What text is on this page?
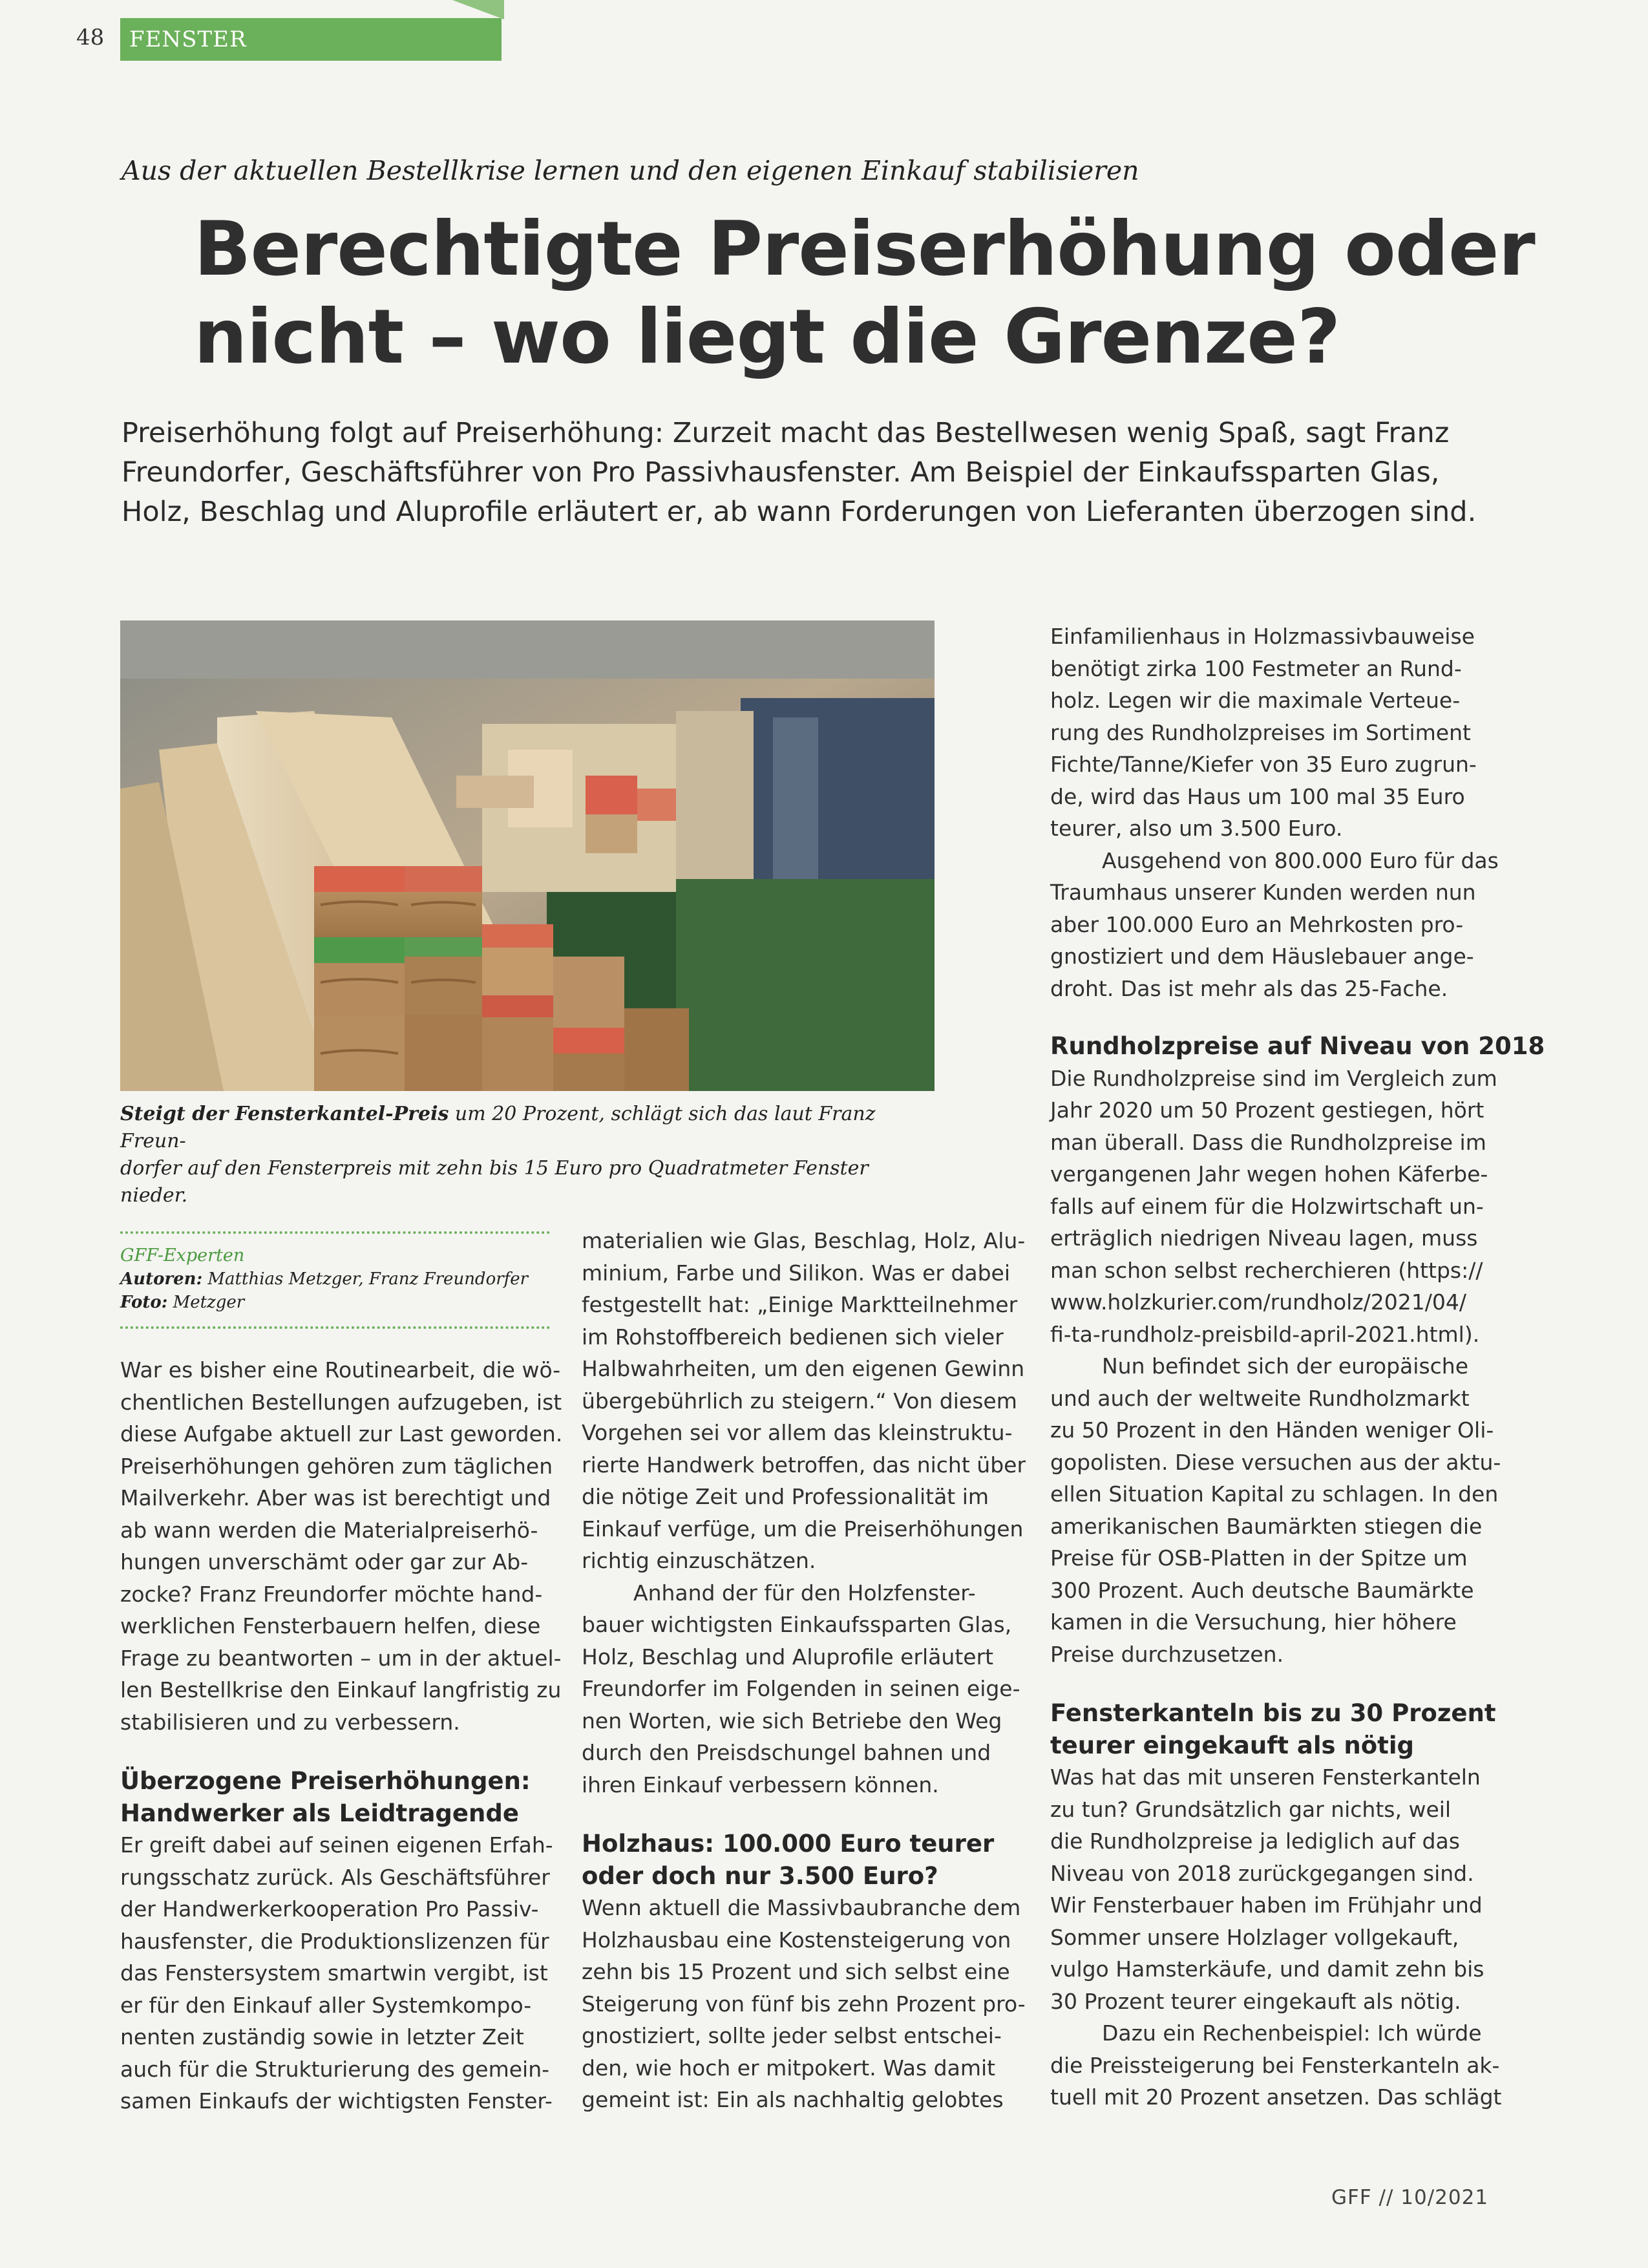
48	FENSTER
Aus der aktuellen Bestellkrise lernen und den eigenen Einkauf stabilisieren
Berechtigte Preiserhöhung oder
nicht – wo liegt die Grenze?
Preiserhöhung folgt auf Preiserhöhung: Zurzeit macht das Bestellwesen wenig Spaß, sagt Franz
Freundorfer, Geschäftsführer von Pro Passivhausfenster. Am Beispiel der Einkaufssparten Glas,
Holz, Beschlag und Aluprofile erläutert er, ab wann Forderungen von Lieferanten überzogen sind.
Steigt der Fensterkantel-Preis um 20 Prozent, schlägt sich das laut Franz Freun-
dorfer auf den Fensterpreis mit zehn bis 15 Euro pro Quadratmeter Fenster nieder.
GFF-Experten
Autoren: Matthias Metzger, Franz Freundorfer
Foto: Metzger
War es bisher eine Routinearbeit, die wö-
chentlichen Bestellungen aufzugeben, ist
diese Aufgabe aktuell zur Last geworden.
Preiserhöhungen gehören zum täglichen
Mailverkehr. Aber was ist berechtigt und
ab wann werden die Materialpreiserhö-
hungen unverschämt oder gar zur Ab-
zocke? Franz Freundorfer möchte hand-
werklichen Fensterbauern helfen, diese
Frage zu beantworten – um in der aktuel-
len Bestellkrise den Einkauf langfristig zu
stabilisieren und zu verbessern.
Überzogene Preiserhöhungen:
Handwerker als Leidtragende
Er greift dabei auf seinen eigenen Erfah-
rungsschatz zurück. Als Geschäftsführer
der Handwerkerkooperation Pro Passiv-
hausfenster, die Produktionslizenzen für
das Fenstersystem smartwin vergibt, ist
er für den Einkauf aller Systemkompo-
nenten zuständig sowie in letzter Zeit
auch für die Strukturierung des gemein-
samen Einkaufs der wichtigsten Fenster-
materialien wie Glas, Beschlag, Holz, Alu-
minium, Farbe und Silikon. Was er dabei
festgestellt hat: „Einige Marktteilnehmer
im Rohstoffbereich bedienen sich vieler
Halbwahrheiten, um den eigenen Gewinn
übergebührlich zu steigern.“ Von diesem
Vorgehen sei vor allem das kleinstruktu-
rierte Handwerk betroffen, das nicht über
die nötige Zeit und Professionalität im
Einkauf verfüge, um die Preiserhöhungen
richtig einzuschätzen.
Anhand der für den Holzfenster-
bauer wichtigsten Einkaufssparten Glas,
Holz, Beschlag und Aluprofile erläutert
Freundorfer im Folgenden in seinen eige-
nen Worten, wie sich Betriebe den Weg
durch den Preisdschungel bahnen und
ihren Einkauf verbessern können.
Holzhaus: 100.000 Euro teurer
oder doch nur 3.500 Euro?
Wenn aktuell die Massivbaubranche dem
Holzhausbau eine Kostensteigerung von
zehn bis 15 Prozent und sich selbst eine
Steigerung von fünf bis zehn Prozent pro-
gnostiziert, sollte jeder selbst entschei-
den, wie hoch er mitpokert. Was damit
gemeint ist: Ein als nachhaltig gelobtes
Einfamilienhaus in Holzmassivbauweise
benötigt zirka 100 Festmeter an Rund-
holz. Legen wir die maximale Verteue-
rung des Rundholzpreises im Sortiment
Fichte/Tanne/Kiefer von 35 Euro zugrun-
de, wird das Haus um 100 mal 35 Euro
teurer, also um 3.500 Euro.
Ausgehend von 800.000 Euro für das
Traumhaus unserer Kunden werden nun
aber 100.000 Euro an Mehrkosten pro-
gnostiziert und dem Häuslebauer ange-
droht. Das ist mehr als das 25-Fache.
Rundholzpreise auf Niveau von 2018
Die Rundholzpreise sind im Vergleich zum
Jahr 2020 um 50 Prozent gestiegen, hört
man überall. Dass die Rundholzpreise im
vergangenen Jahr wegen hohen Käferbe-
falls auf einem für die Holzwirtschaft un-
erträglich niedrigen Niveau lagen, muss
man schon selbst recherchieren (https://
www.holzkurier.com/rundholz/2021/04/
fi-ta-rundholz-preisbild-april-2021.html).
Nun befindet sich der europäische
und auch der weltweite Rundholzmarkt
zu 50 Prozent in den Händen weniger Oli-
gopolisten. Diese versuchen aus der aktu-
ellen Situation Kapital zu schlagen. In den
amerikanischen Baumärkten stiegen die
Preise für OSB-Platten in der Spitze um
300 Prozent. Auch deutsche Baumärkte
kamen in die Versuchung, hier höhere
Preise durchzusetzen.
Fensterkanteln bis zu 30 Prozent
teurer eingekauft als nötig
Was hat das mit unseren Fensterkanteln
zu tun? Grundsätzlich gar nichts, weil
die Rundholzpreise ja lediglich auf das
Niveau von 2018 zurückgegangen sind.
Wir Fensterbauer haben im Frühjahr und
Sommer unsere Holzlager vollgekauft,
vulgo Hamsterkäufe, und damit zehn bis
30 Prozent teurer eingekauft als nötig.
Dazu ein Rechenbeispiel: Ich würde
die Preissteigerung bei Fensterkanteln ak-
tuell mit 20 Prozent ansetzen. Das schlägt
GFF // 10/2021
